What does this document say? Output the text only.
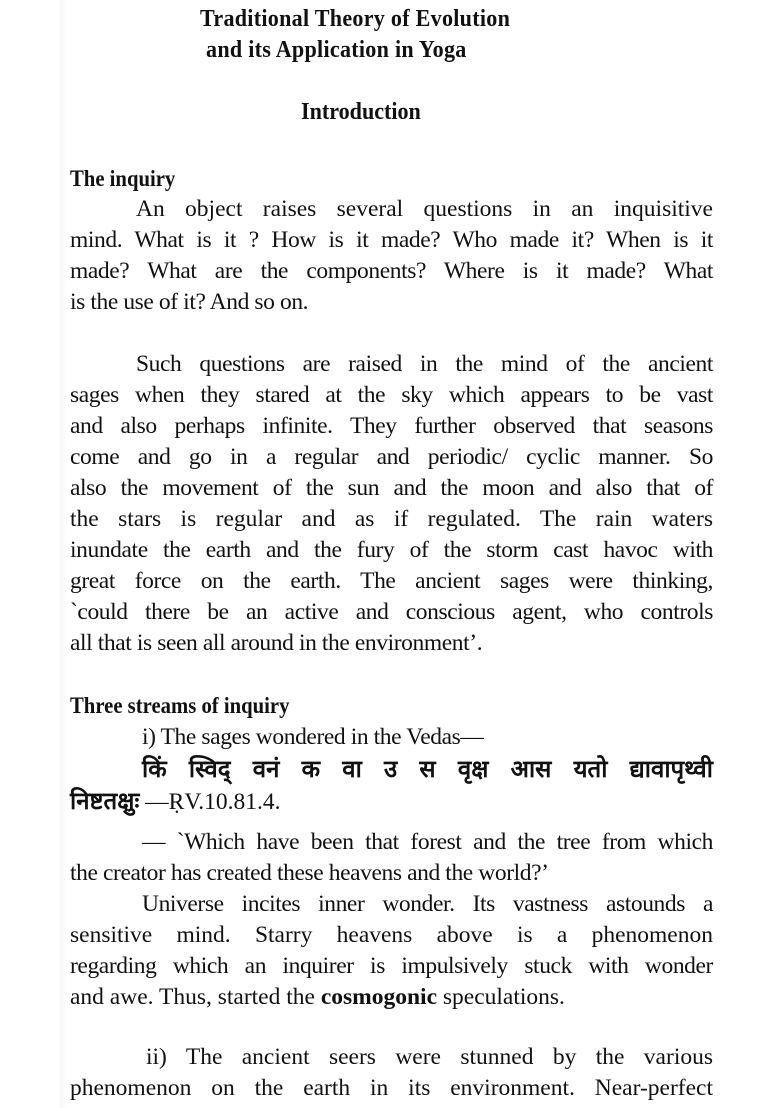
Traditional Theory of Evolution
and its Application in Yoga
Introduction
The inquiry
An object raises several questions in an inquisitive
mind. What is it ? How is it made? Who made it? When is it
made? What are the components? Where is it made? What
is the use of it? And so on.
Such questions are raised in the mind of the ancient
sages when they stared at the sky which appears to be vast
and also perhaps infinite. They further observed that seasons
come and go in a regular and periodic/ cyclic manner. So
also the movement of the sun and the moon and also that of
the stars is regular and as if regulated. The rain waters
inundate the earth and the fury of the storm cast havoc with
great force on the earth. The ancient sages were thinking,
`could there be an active and conscious agent, who controls
all that is seen all around in the environment’.
Three streams of inquiry
i) The sages wondered in the Vedas—
किं स्विद् वनं क वा उ स वृक्ष आस यतो द्यावापृथ्वी
निष्टतक्षुः —ṚV.10.81.4.
— `Which have been that forest and the tree from which
the creator has created these heavens and the world?’
Universe incites inner wonder. Its vastness astounds a
sensitive mind. Starry heavens above is a phenomenon
regarding which an inquirer is impulsively stuck with wonder
and awe. Thus, started the cosmogonic speculations.
ii) The ancient seers were stunned by the various
phenomenon on the earth in its environment. Near-perfect
